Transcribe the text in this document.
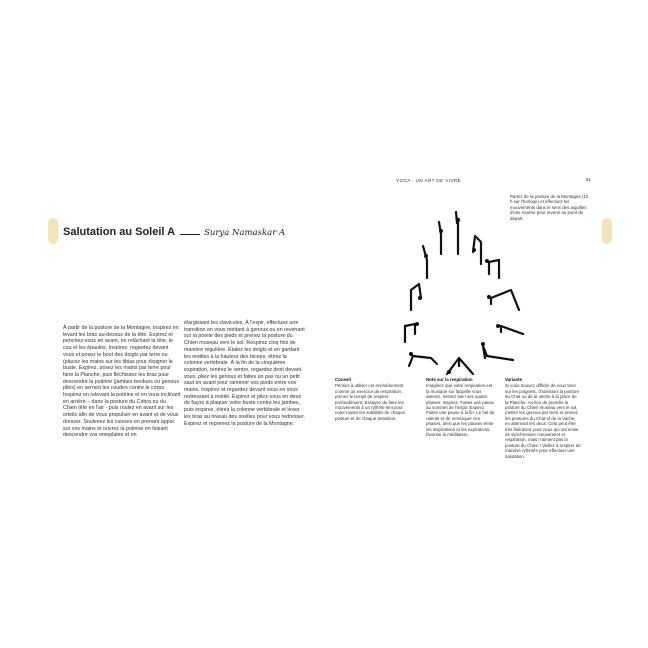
Salutation au Soleil A	Surya Namaskar A
À partir de la posture de la Montagne, inspirez en levant les bras au-dessus de la tête. Expirez et penchez-vous en avant, en relâchant la tête, le cou et les épaules. Inspirez, regardez devant vous et posez le bout des doigts par terre ou (placez les mains sur les tibias pour éloigner le buste. Expirez, posez les mains par terre pour faire la Planche, puis fléchissez les bras pour descendre la poitrine (jambes tendues ou genoux pliés) en serrant les coudes contre le corps. Inspirez en relevant la poitrine et en vous inclinant en arrière – dans la posture du Cobra ou du Chien tête en l'air - puis roulez en avant sur les orteils afin de vous propulser en avant et de vous dresser. Soulevez les cuisses en prenant appui sur vos mains et ouvrez la poitrine en faisant descendre vos omoplates et en
élargissant les clavicules. À l'expir, effectuez une transition en vous mettant à genoux ou en revenant sur la pointe des pieds et prenez la posture du Chien museau vers le sol. Respirez cinq fois de manière régulière. Étalez les doigts et en gardant les oreilles à la hauteur des biceps, étirez la colonne vertébrale. À la fin de la cinquième expiration, rentrez le ventre, regardez droit devant vous, pliez les genoux et faites un pas ou un petit saut en avant pour ramener vos pieds entre vos mains. Inspirez et regardez devant vous en vous redressant à moitié. Expirez et pliez-vous en deux de façon à plaquer votre buste contre les jambes, puis inspirez, étirez la colonne vertébrale et levez les bras au niveau des oreilles pour vous redresser. Expirez et reprenez la posture de la Montagne.
YOGA : UN ART DE VIVRE	51
Partez de la posture de la Montagne (12 h sur l'horloge) et effectuez les mouvements dans le sens des aiguilles d'une montre pour revenir au point de départ.
Conseil
Pensez à utiliser cet enchaînement comme un exercice de respiration : prenez le temps de respirer profondément. Essayez de faire les mouvements à un rythme lent pour noter toutes les subtilités de chaque posture et de chaque transition.
Note sur la respiration
Imaginez que votre respiration est la musique sur laquelle vous dansez. Sentez bien ses quatre phases. Inspirez. Faites une pause au sommet de l'inspir. Expirez. Faites une pause à la fin. Le fait de ralentir et de remarquer ces phases, ainsi que les pauses entre les inspirations et les expirations, favorise la méditation.
Variante
Si vous trouvez difficile de vous tenir sur les poignets, choisissez la posture du Chat ou de la Vache à la place de la Planche. Au lieu de prendre la posture du Chien museau vers le sol, mettez les genoux par terre et prenez les postures du Chat et de la Vache, en alternant les deux. Cela peut être très libérateur pour ceux qui ont envie de synchroniser mouvement et respiration, mais n'aiment pas la posture du Chien ! Veillez à respirer de manière rythmée pour effectuer une salutation.
